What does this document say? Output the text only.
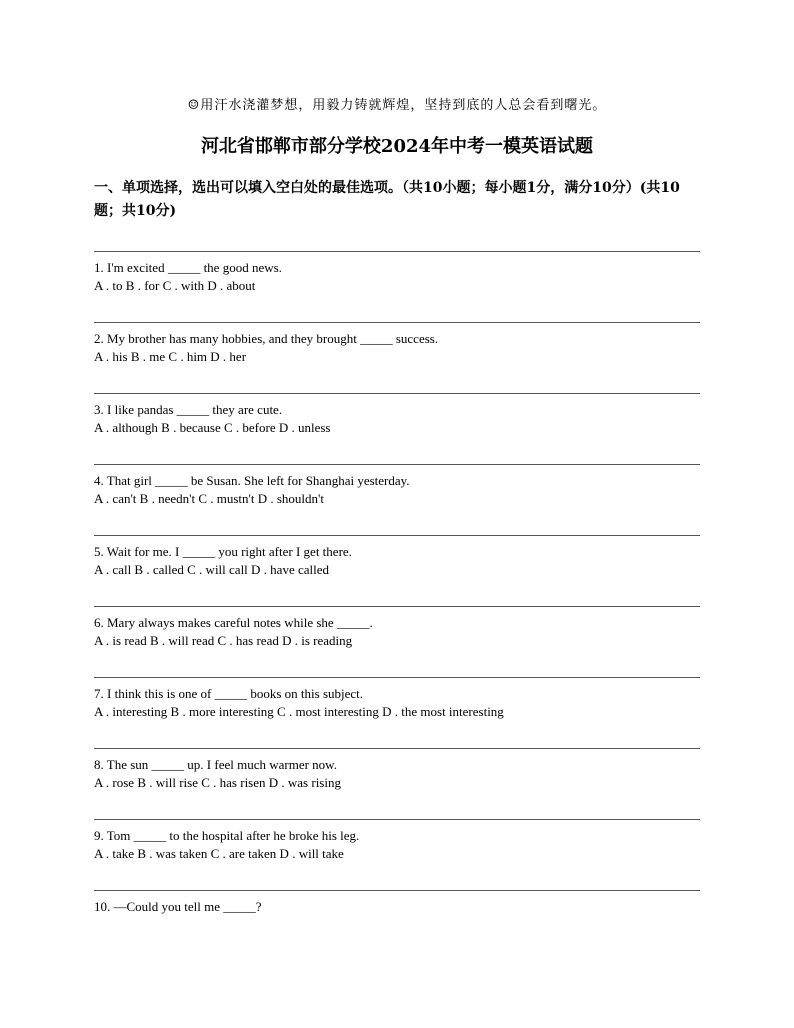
☺用汗水浇灌梦想，用毅力铸就辉煌，坚持到底的人总会看到曙光。
河北省邯郸市部分学校2024年中考一模英语试题
一、单项选择，选出可以填入空白处的最佳选项。（共10小题；每小题1分，满分10分）(共10题；共10分)
1. I'm excited _____ the good news.
A . to B . for C . with D . about
2. My brother has many hobbies, and they brought _____ success.
A . his B . me C . him D . her
3. I like pandas _____ they are cute.
A . although B . because C . before D . unless
4. That girl _____ be Susan. She left for Shanghai yesterday.
A . can't B . needn't C . mustn't D . shouldn't
5. Wait for me. I _____ you right after I get there.
A . call B . called C . will call D . have called
6. Mary always makes careful notes while she _____.
A . is read B . will read C . has read D . is reading
7. I think this is one of _____ books on this subject.
A . interesting B . more interesting C . most interesting D . the most interesting
8. The sun _____ up. I feel much warmer now.
A . rose B . will rise C . has risen D . was rising
9. Tom _____ to the hospital after he broke his leg.
A . take B . was taken C . are taken D . will take
10. —Could you tell me _____?
